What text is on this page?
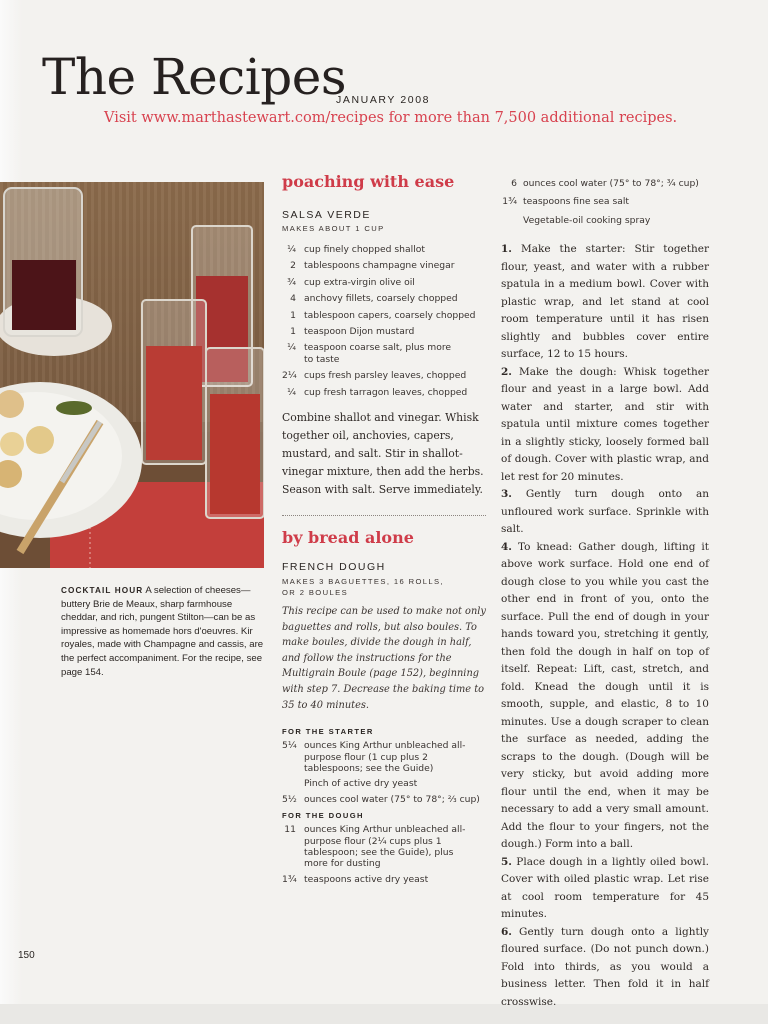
The Recipes
JANUARY 2008
Visit www.marthastewart.com/recipes for more than 7,500 additional recipes.
COCKTAIL HOUR A selection of cheeses—buttery Brie de Meaux, sharp farmhouse cheddar, and rich, pungent Stilton—can be as impressive as homemade hors d'oeuvres. Kir royales, made with Champagne and cassis, are the perfect accompaniment. For the recipe, see page 154.
poaching with ease

SALSA VERDE

MAKES ABOUT 1 CUP

¼ cup finely chopped shallot
2 tablespoons champagne vinegar
¾ cup extra-virgin olive oil
4 anchovy fillets, coarsely chopped
1 tablespoon capers, coarsely chopped
1 teaspoon Dijon mustard
¼ teaspoon coarse salt, plus more to taste
2¼ cups fresh parsley leaves, chopped
¼ cup fresh tarragon leaves, chopped
Combine shallot and vinegar. Whisk together oil, anchovies, capers, mustard, and salt. Stir in shallot-vinegar mixture, then add the herbs. Season with salt. Serve immediately.
by bread alone

FRENCH DOUGH

MAKES 3 BAGUETTES, 16 ROLLS,

OR 2 BOULES

This recipe can be used to make not only baguettes and rolls, but also boules. To make boules, divide the dough in half, and follow the instructions for the Multigrain Boule (page 152), beginning with step 7. Decrease the baking time to 35 to 40 minutes.
FOR THE STARTER
5¼ ounces King Arthur unbleached all-purpose flour (1 cup plus 2 tablespoons; see the Guide)
Pinch of active dry yeast
5½ ounces cool water (75° to 78°; ⅔ cup)
FOR THE DOUGH
11 ounces King Arthur unbleached all-purpose flour (2¼ cups plus 1 tablespoon; see the Guide), plus more for dusting
1¾ teaspoons active dry yeast
6 ounces cool water (75° to 78°; ¾ cup)
1¾ teaspoons fine sea salt
Vegetable-oil cooking spray

1. Make the starter: Stir together flour, yeast, and water with a rubber spatula in a medium bowl. Cover with plastic wrap, and let stand at cool room temperature until it has risen slightly and bubbles cover entire surface, 12 to 15 hours.

2. Make the dough: Whisk together flour and yeast in a large bowl. Add water and starter, and stir with spatula until mixture comes together in a slightly sticky, loosely formed ball of dough. Cover with plastic wrap, and let rest for 20 minutes.

3. Gently turn dough onto an unfloured work surface. Sprinkle with salt.

4. To knead: Gather dough, lifting it above work surface. Hold one end of dough close to you while you cast the other end in front of you, onto the surface. Pull the end of dough in your hands toward you, stretching it gently, then fold the dough in half on top of itself. Repeat: Lift, cast, stretch, and fold. Knead the dough until it is smooth, supple, and elastic, 8 to 10 minutes. Use a dough scraper to clean the surface as needed, adding the scraps to the dough. (Dough will be very sticky, but avoid adding more flour until the end, when it may be necessary to add a very small amount. Add the flour to your fingers, not the dough.) Form into a ball.

5. Place dough in a lightly oiled bowl. Cover with oiled plastic wrap. Let rise at cool room temperature for 45 minutes.

6. Gently turn dough onto a lightly floured surface. (Do not punch down.) Fold into thirds, as you would a business letter. Then fold it in half crosswise.

150
